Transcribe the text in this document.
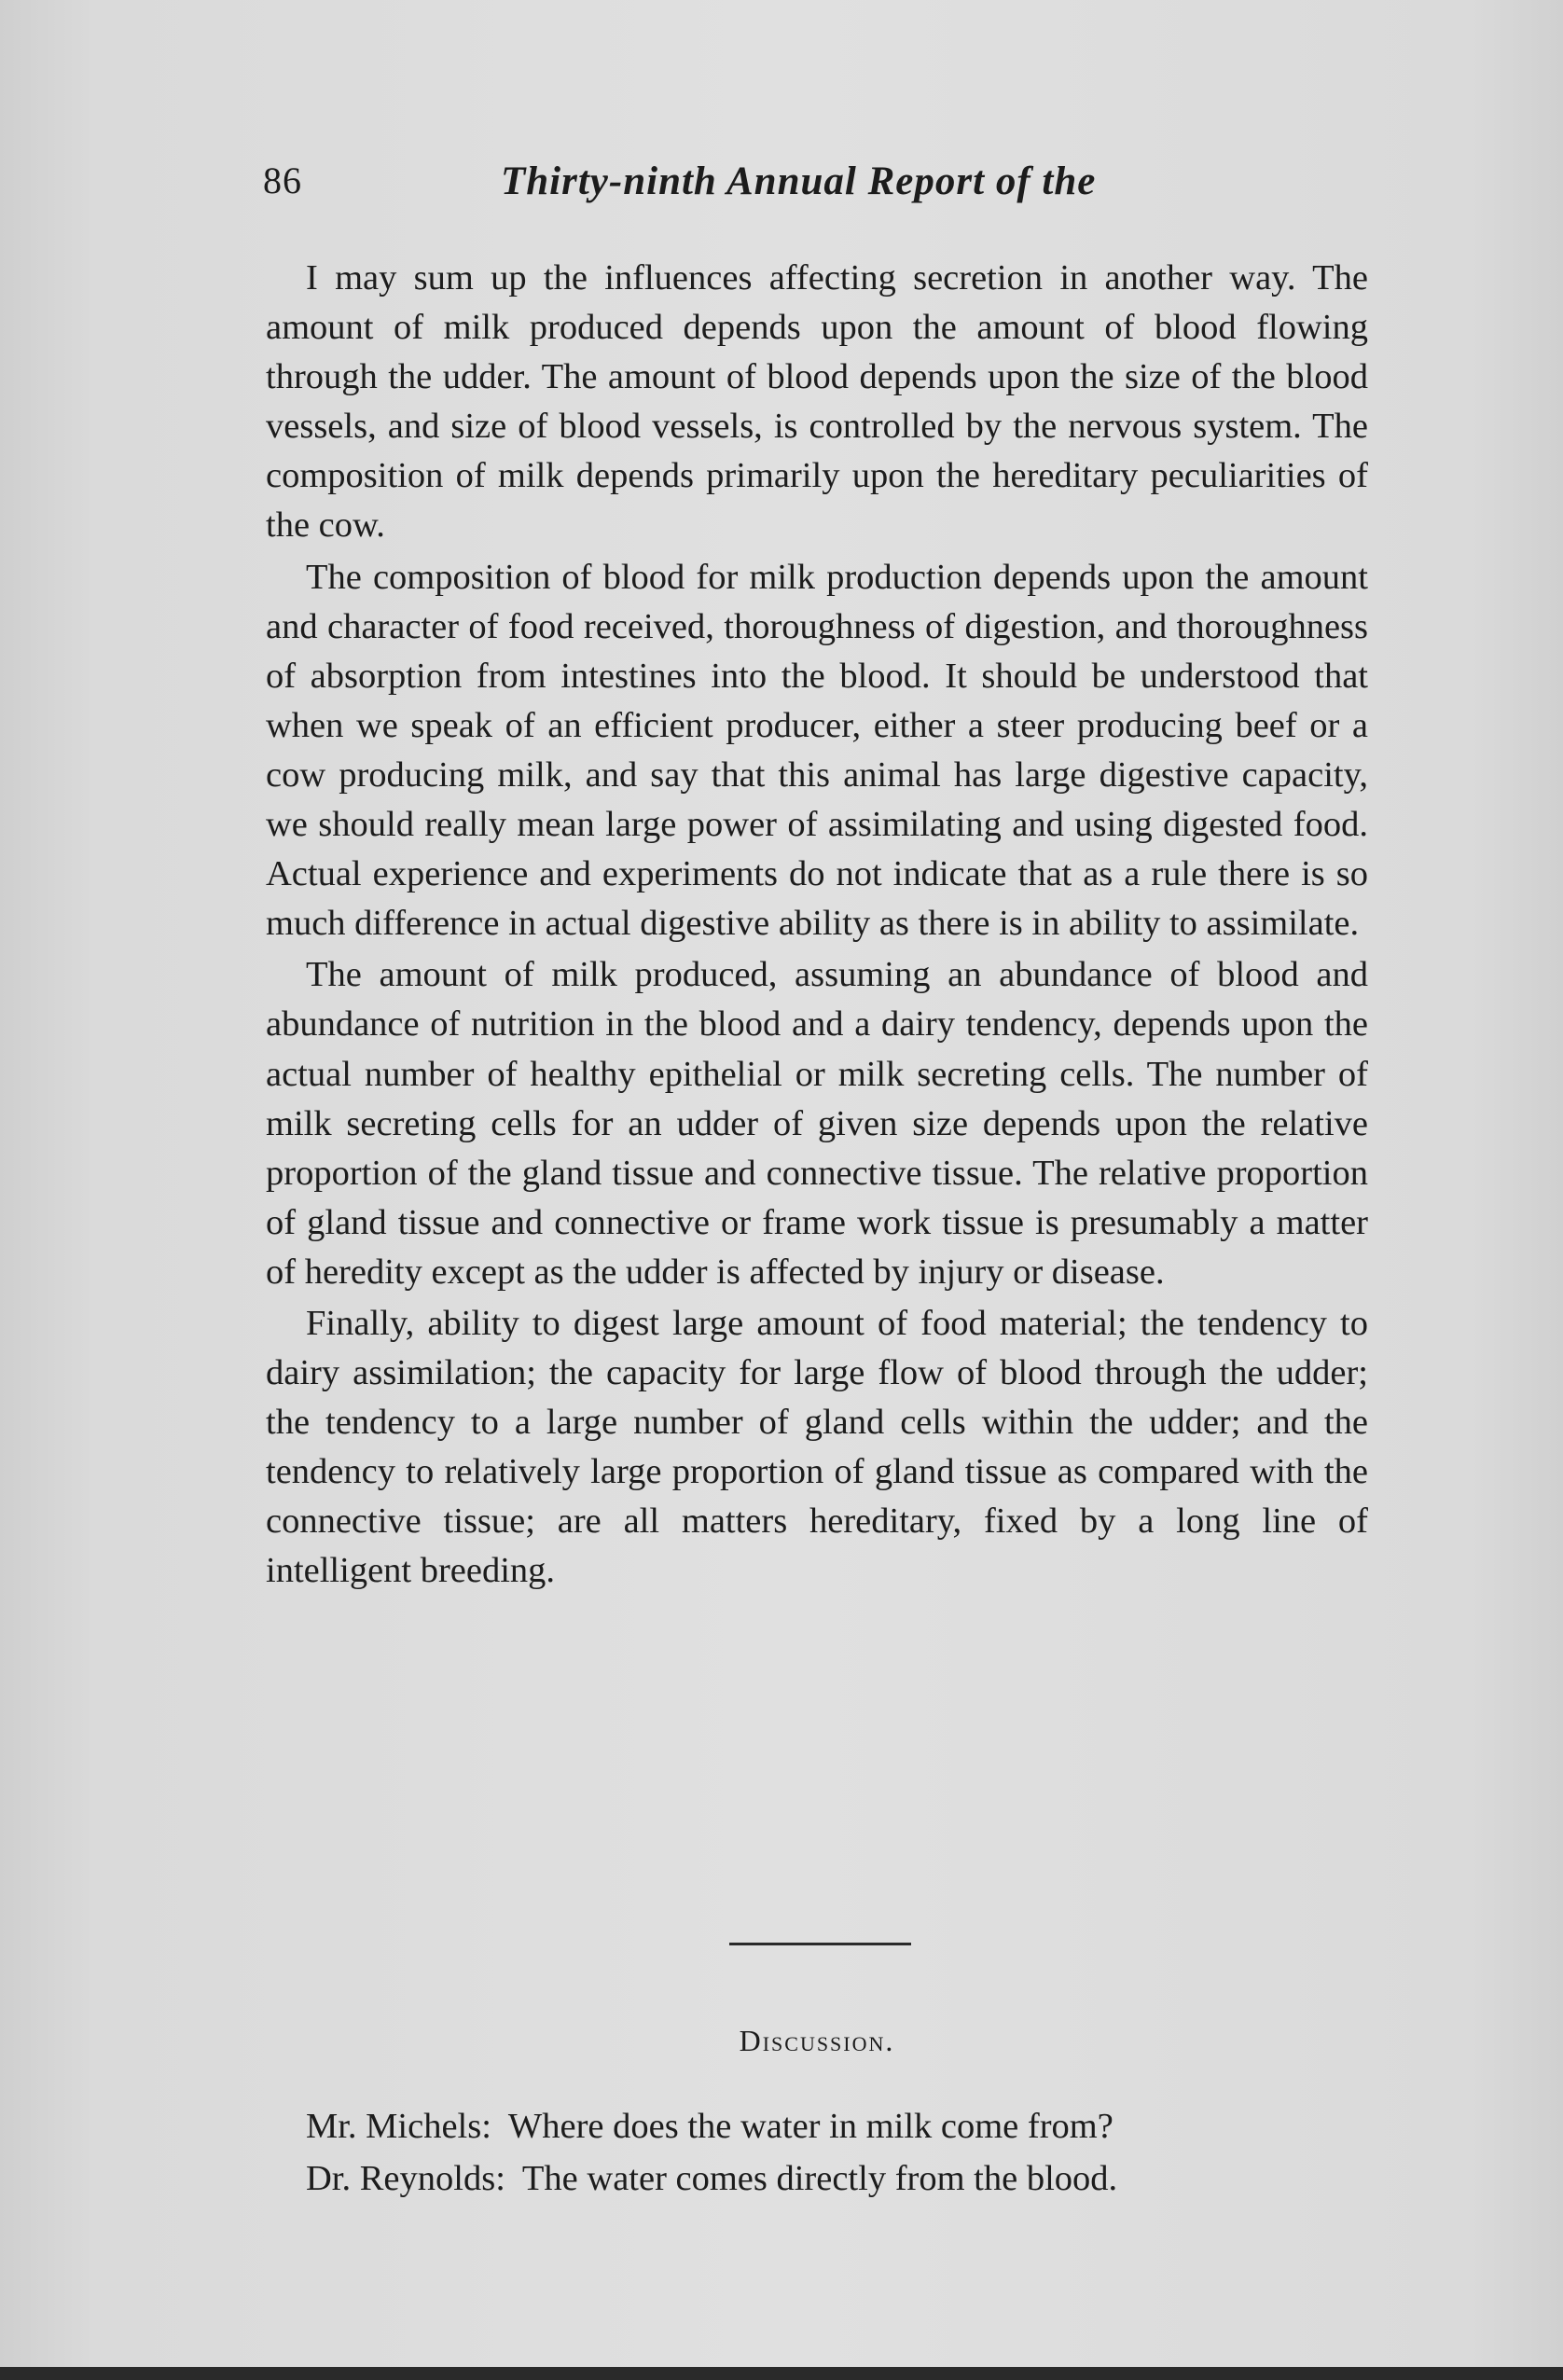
86	Thirty-ninth Annual Report of the

I may sum up the influences affecting secretion in another way. The amount of milk produced depends upon the amount of blood flowing through the udder. The amount of blood depends upon the size of the blood vessels, and size of blood vessels, is controlled by the nervous system. The composition of milk depends primarily upon the hereditary peculiarities of the cow.

The composition of blood for milk production depends upon the amount and character of food received, thoroughness of digestion, and thoroughness of absorption from intestines into the blood. It should be understood that when we speak of an efficient producer, either a steer producing beef or a cow producing milk, and say that this animal has large digestive capacity, we should really mean large power of assimilating and using digested food. Actual experience and experiments do not indicate that as a rule there is so much difference in actual digestive ability as there is in ability to assimilate.

The amount of milk produced, assuming an abundance of blood and abundance of nutrition in the blood and a dairy tendency, depends upon the actual number of healthy epithelial or milk secreting cells. The number of milk secreting cells for an udder of given size depends upon the relative proportion of the gland tissue and connective tissue. The relative proportion of gland tissue and connective or frame work tissue is presumably a matter of heredity except as the udder is affected by injury or disease.

Finally, ability to digest large amount of food material; the tendency to dairy assimilation; the capacity for large flow of blood through the udder; the tendency to a large number of gland cells within the udder; and the tendency to relatively large proportion of gland tissue as compared with the connective tissue; are all matters hereditary, fixed by a long line of intelligent breeding.

Discussion.
Mr. Michels: Where does the water in milk come from?
Dr. Reynolds: The water comes directly from the blood.
